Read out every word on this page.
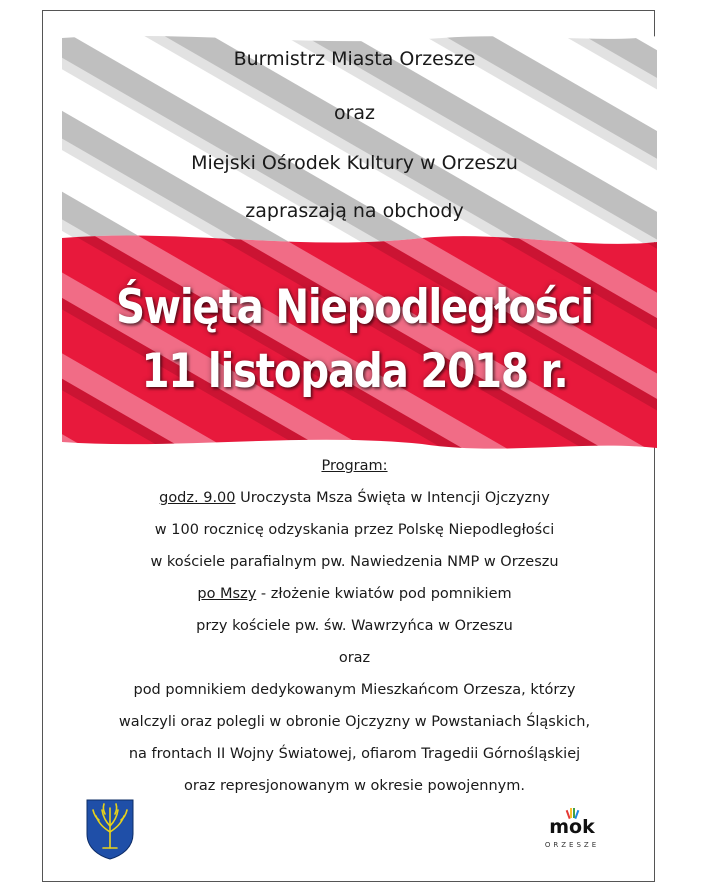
Burmistrz Miasta Orzesze
oraz
Miejski Ośrodek Kultury w Orzeszu
zapraszają na obchody
Święta Niepodległości
11 listopada 2018 r.
Program:
godz. 9.00 Uroczysta Msza Święta w Intencji Ojczyzny
w 100 rocznicę odzyskania przez Polskę Niepodległości
w kościele parafialnym pw. Nawiedzenia NMP w Orzeszu
po Mszy - złożenie kwiatów pod pomnikiem
przy kościele pw. św. Wawrzyńca w Orzeszu
oraz
pod pomnikiem dedykowanym Mieszkańcom Orzesza, którzy
walczyli oraz polegli w obronie Ojczyzny w Powstaniach Śląskich,
na frontach II Wojny Światowej, ofiarom Tragedii Górnośląskiej
oraz represjonowanym w okresie powojennym.
mok
ORZESZE
